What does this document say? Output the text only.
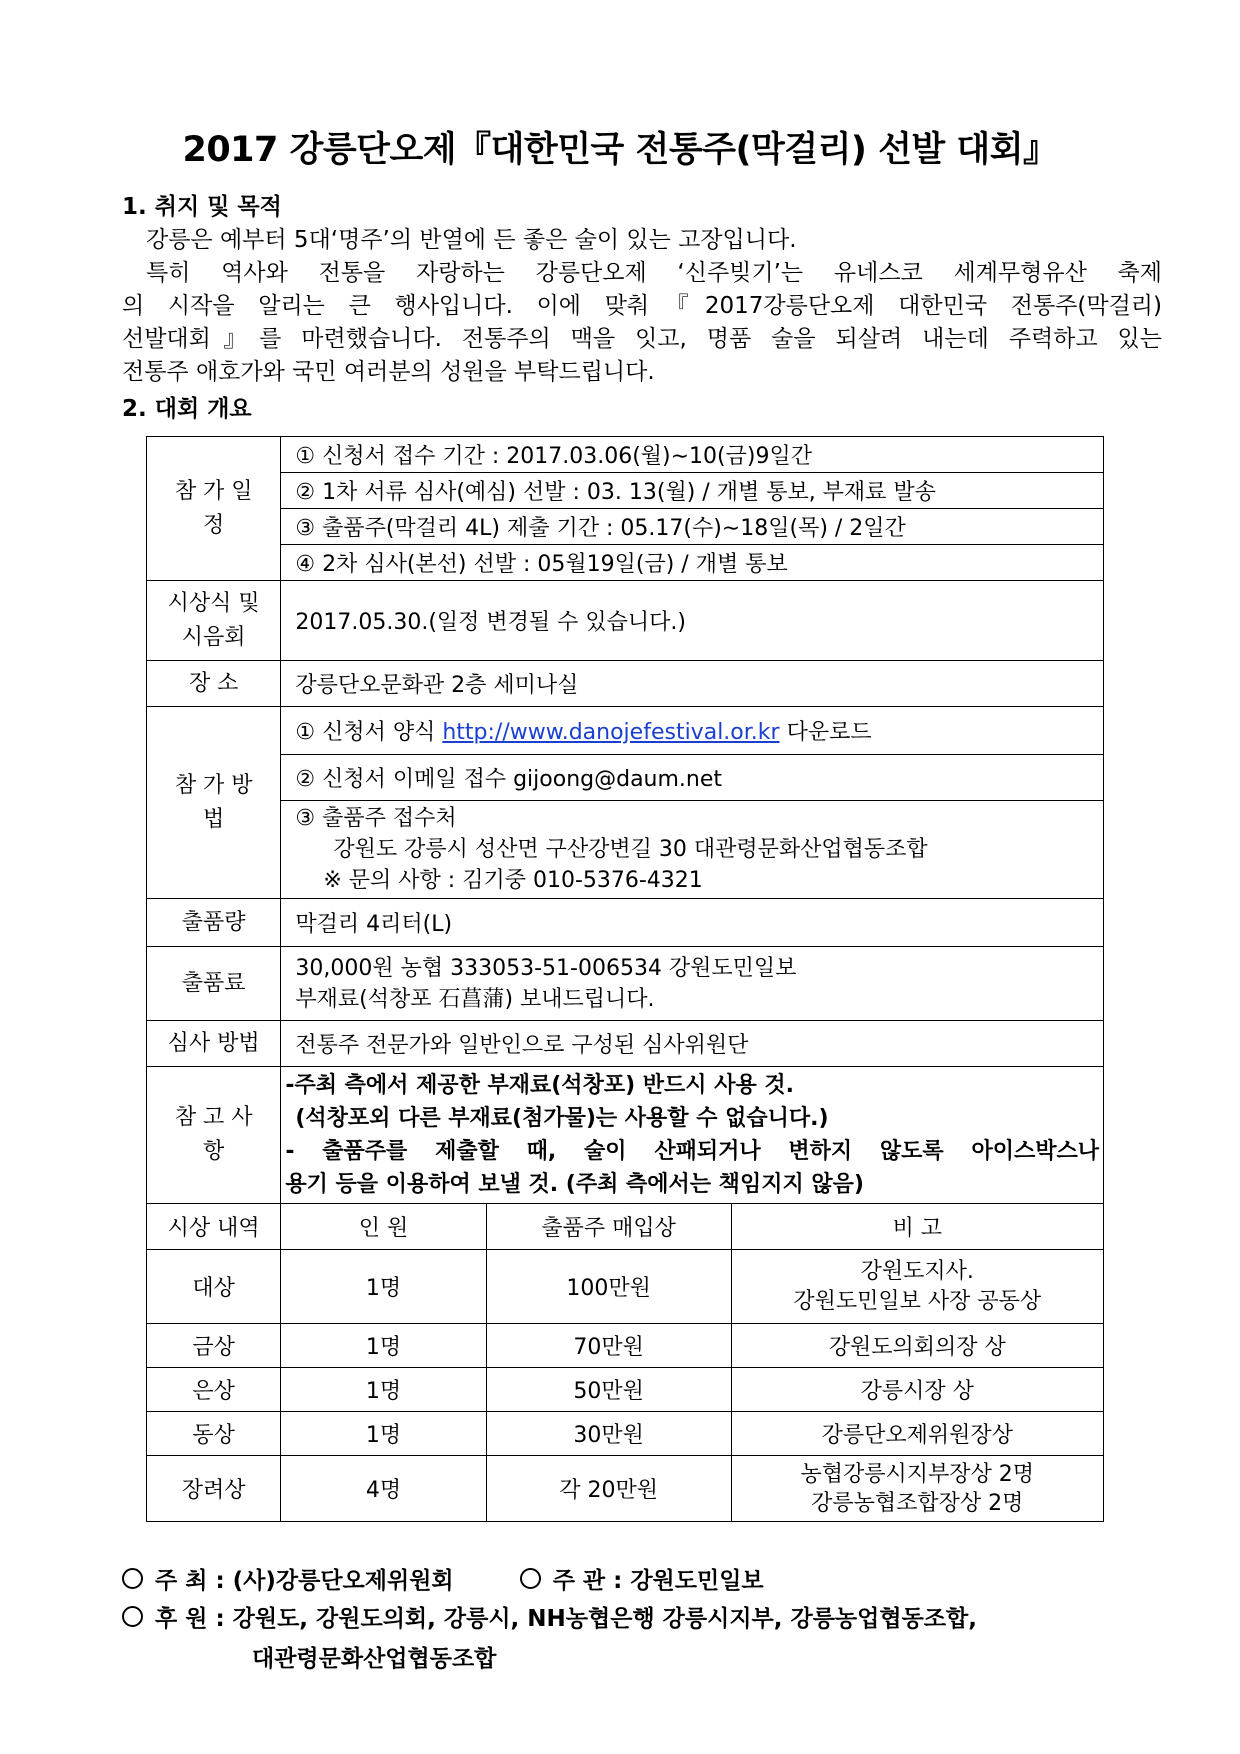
2017 강릉단오제『대한민국 전통주(막걸리) 선발 대회』
1. 취지 및 목적
강릉은 예부터 5대‘명주’의 반열에 든 좋은 술이 있는 고장입니다.
특히 역사와 전통을 자랑하는 강릉단오제 ‘신주빚기’는 유네스코 세계무형유산 축제
의 시작을 알리는 큰 행사입니다. 이에 맞춰『2017강릉단오제 대한민국 전통주(막걸리)
선발대회』를 마련했습니다. 전통주의 맥을 잇고, 명품 술을 되살려 내는데 주력하고 있는
전통주 애호가와 국민 여러분의 성원을 부탁드립니다.
2. 대회 개요
참 가 일 정	① 신청서 접수 기간 : 2017.03.06(월)∼10(금)9일간		
	② 1차 서류 심사(예심) 선발 : 03. 13(월) / 개별 통보, 부재료 발송		
	③ 출품주(막걸리 4L) 제출 기간 : 05.17(수)∼18일(목) / 2일간		
	④ 2차 심사(본선) 선발 : 05월19일(금) / 개별 통보		
시상식 및 시음회	2017.05.30.(일정 변경될 수 있습니다.)		
장 소	강릉단오문화관 2층 세미나실		
참 가 방 법	① 신청서 양식 http://www.danojefestival.or.kr 다운로드		
	② 신청서 이메일 접수 gijoong@daum.net		

	③ 출품주 접수처
강원도 강릉시 성산면 구산강변길 30 대관령문화산업협동조합
※ 문의 사항 : 김기중 010-5376-4321		

출품량	막걸리 4리터(L)		
출품료	30,000원 농협 333053-51-006534 강원도민일보
부재료(석창포 石菖蒲) 보내드립니다.		

심사 방법	전통주 전문가와 일반인으로 구성된 심사위원단		
참 고 사 항	-주최 측에서 제공한 부재료(석창포) 반드시 사용 것.
(석창포외 다른 부재료(첨가물)는 사용할 수 없습니다.)
- 출품주를 제출할 때, 술이 산패되거나 변하지 않도록 아이스박스나
용기 등을 이용하여 보낼 것. (주최 측에서는 책임지지 않음)		

시상 내역	인 원	출품주 매입상	비 고
대상	1명	100만원	강원도지사.
강원도민일보 사장 공동상

금상	1명	70만원	강원도의회의장 상
은상	1명	50만원	강릉시장 상
동상	1명	30만원	강릉단오제위원장상
장려상	4명	각 20만원	농협강릉시지부장상 2명
강릉농협조합장상 2명
주 최 : (사)강릉단오제위원회	주 관 : 강원도민일보
후 원 : 강원도, 강원도의회, 강릉시, NH농협은행 강릉시지부, 강릉농업협동조합,
대관령문화산업협동조합
